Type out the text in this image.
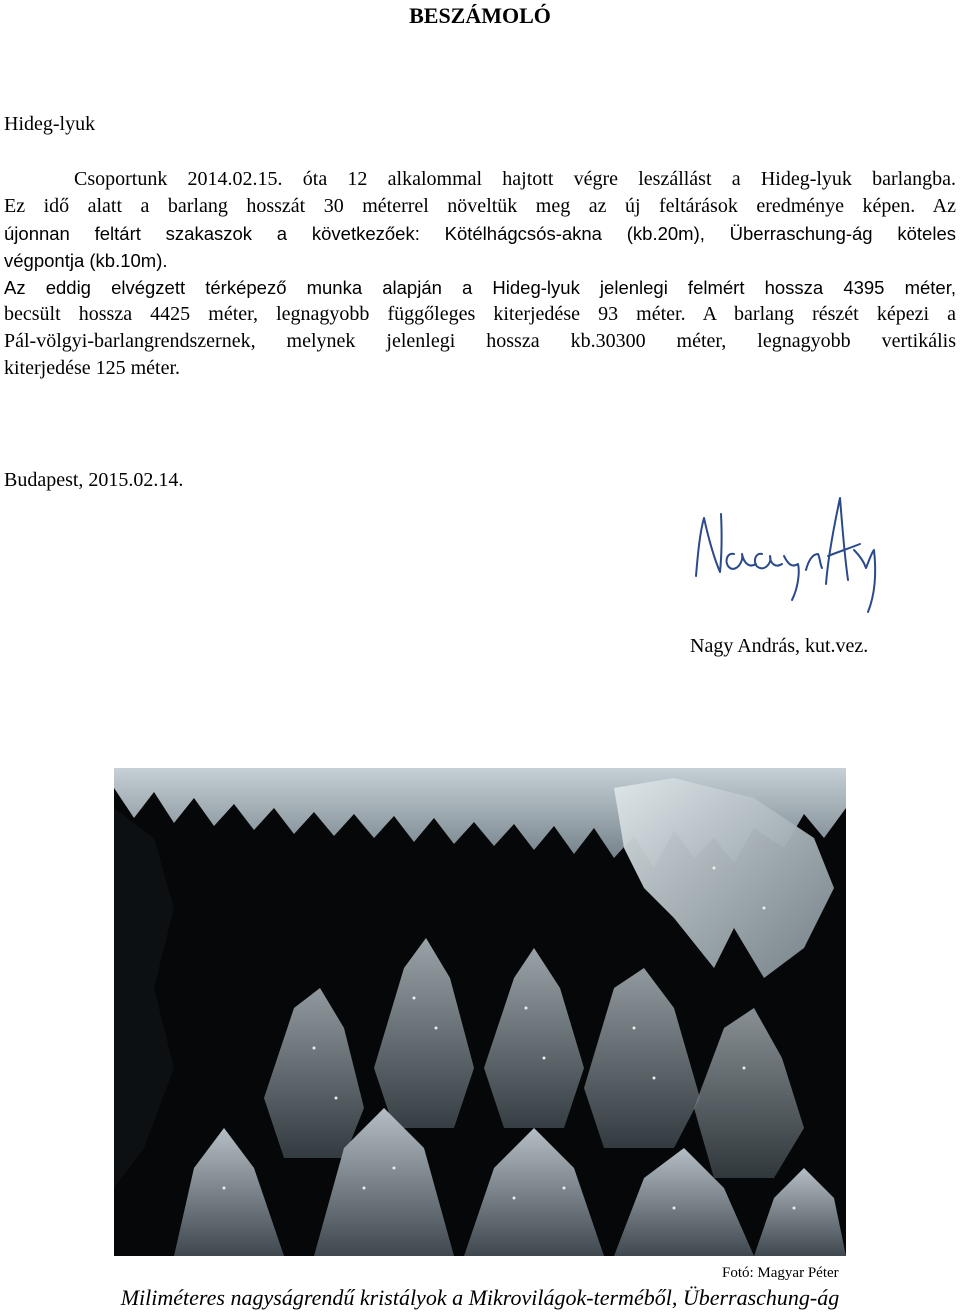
BESZÁMOLÓ
Hideg-lyuk
Csoportunk 2014.02.15. óta 12 alkalommal hajtott végre leszállást a Hideg-lyuk barlangba.
Ez idő alatt a barlang hosszát 30 méterrel növeltük meg az új feltárások eredménye képen. Az
újonnan feltárt szakaszok a következőek: Kötélhágcsós-akna (kb.20m), Überraschung-ág köteles
végpontja (kb.10m).
Az eddig elvégzett térképező munka alapján a Hideg-lyuk jelenlegi felmért hossza 4395 méter,
becsült hossza 4425 méter, legnagyobb függőleges kiterjedése 93 méter. A barlang részét képezi a
Pál-völgyi-barlangrendszernek, melynek jelenlegi hossza kb.30300 méter, legnagyobb vertikális
kiterjedése 125 méter.
Budapest, 2015.02.14.
Nagy András, kut.vez.
Fotó: Magyar Péter
Miliméteres nagyságrendű kristályok a Mikrovilágok-terméből, Überraschung-ág
